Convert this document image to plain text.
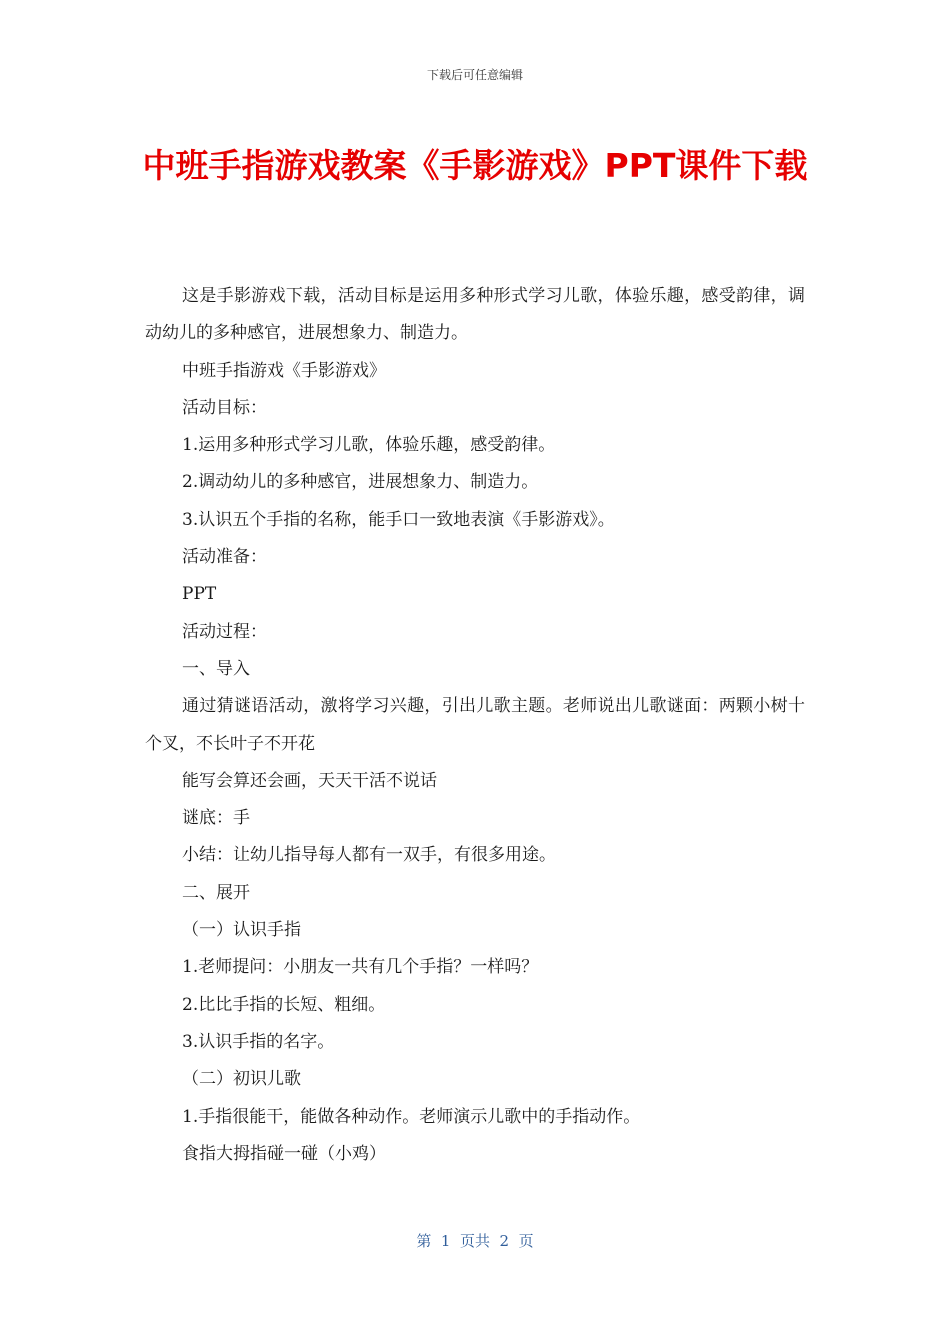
下载后可任意编辑
中班手指游戏教案《手影游戏》PPT课件下载

这是手影游戏下载，活动目标是运用多种形式学习儿歌，体验乐趣，感受韵律，调动幼儿的多种感官，进展想象力、制造力。

中班手指游戏《手影游戏》

活动目标：

1.运用多种形式学习儿歌，体验乐趣，感受韵律。

2.调动幼儿的多种感官，进展想象力、制造力。

3.认识五个手指的名称，能手口一致地表演《手影游戏》。

活动准备：

PPT

活动过程：

一、导入

通过猜谜语活动，激将学习兴趣，引出儿歌主题。老师说出儿歌谜面：两颗小树十个叉，不长叶子不开花

能写会算还会画，天天干活不说话

谜底：手

小结：让幼儿指导每人都有一双手，有很多用途。

二、展开

（一）认识手指

1.老师提问：小朋友一共有几个手指？一样吗？

2.比比手指的长短、粗细。

3.认识手指的名字。

（二）初识儿歌

1.手指很能干，能做各种动作。老师演示儿歌中的手指动作。

食指大拇指碰一碰（小鸡）

第  1  页共  2  页
